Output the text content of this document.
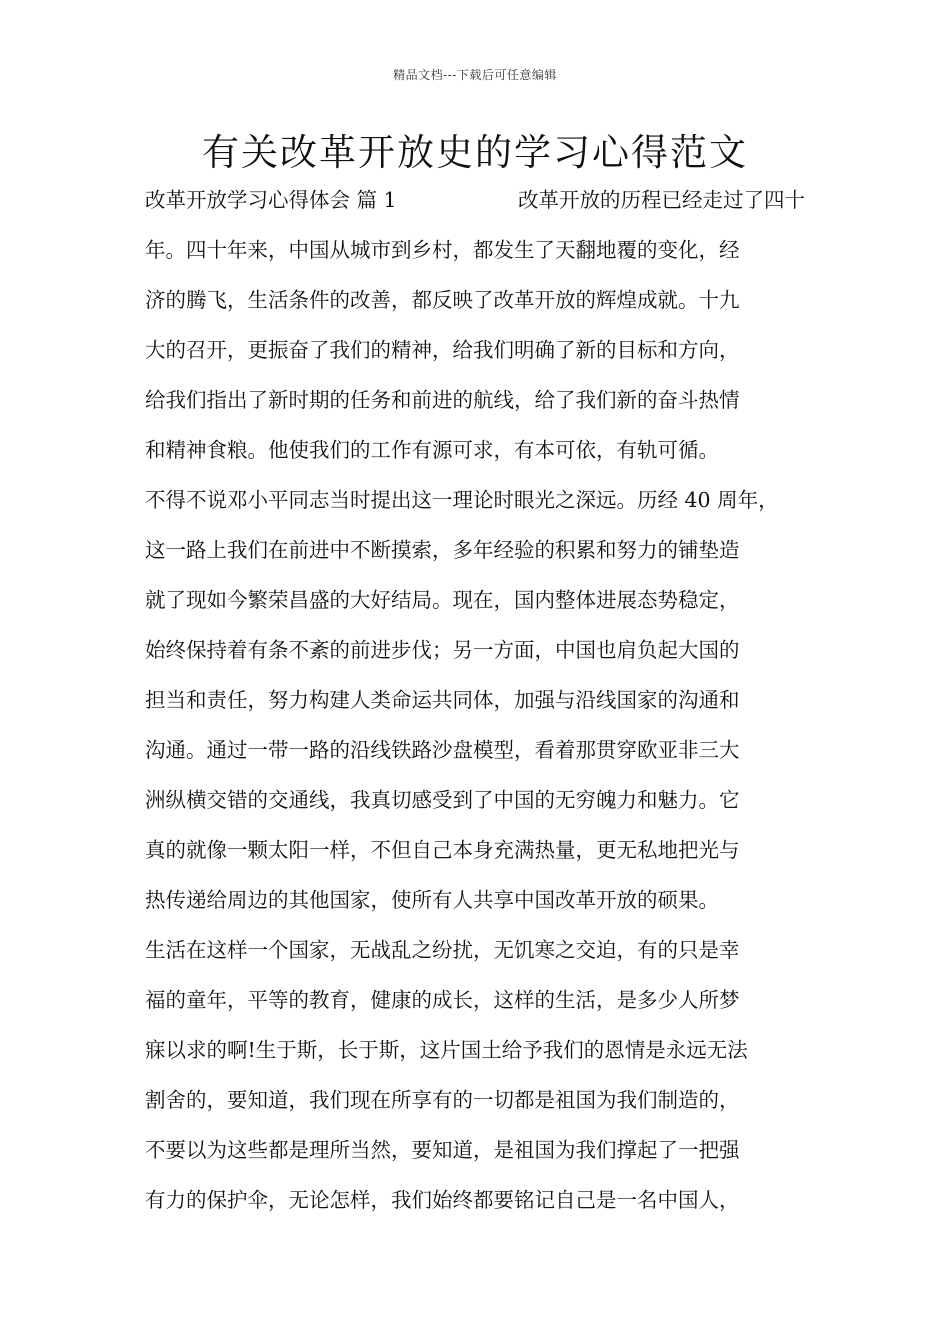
精品文档---下载后可任意编辑
有关改革开放史的学习心得范文
改革开放学习心得体会 篇 1	改革开放的历程已经走过了四十
年。四十年来，中国从城市到乡村，都发生了天翻地覆的变化，经
济的腾飞，生活条件的改善，都反映了改革开放的辉煌成就。十九
大的召开，更振奋了我们的精神，给我们明确了新的目标和方向，
给我们指出了新时期的任务和前进的航线，给了我们新的奋斗热情
和精神食粮。他使我们的工作有源可求，有本可依，有轨可循。
不得不说邓小平同志当时提出这一理论时眼光之深远。历经 40 周年，
这一路上我们在前进中不断摸索，多年经验的积累和努力的铺垫造
就了现如今繁荣昌盛的大好结局。现在，国内整体进展态势稳定，
始终保持着有条不紊的前进步伐；另一方面，中国也肩负起大国的
担当和责任，努力构建人类命运共同体，加强与沿线国家的沟通和
沟通。通过一带一路的沿线铁路沙盘模型，看着那贯穿欧亚非三大
洲纵横交错的交通线，我真切感受到了中国的无穷魄力和魅力。它
真的就像一颗太阳一样，不但自己本身充满热量，更无私地把光与
热传递给周边的其他国家，使所有人共享中国改革开放的硕果。
生活在这样一个国家，无战乱之纷扰，无饥寒之交迫，有的只是幸
福的童年，平等的教育，健康的成长，这样的生活，是多少人所梦
寐以求的啊!生于斯，长于斯，这片国土给予我们的恩情是永远无法
割舍的，要知道，我们现在所享有的一切都是祖国为我们制造的，
不要以为这些都是理所当然，要知道，是祖国为我们撑起了一把强
有力的保护伞，无论怎样，我们始终都要铭记自己是一名中国人，
